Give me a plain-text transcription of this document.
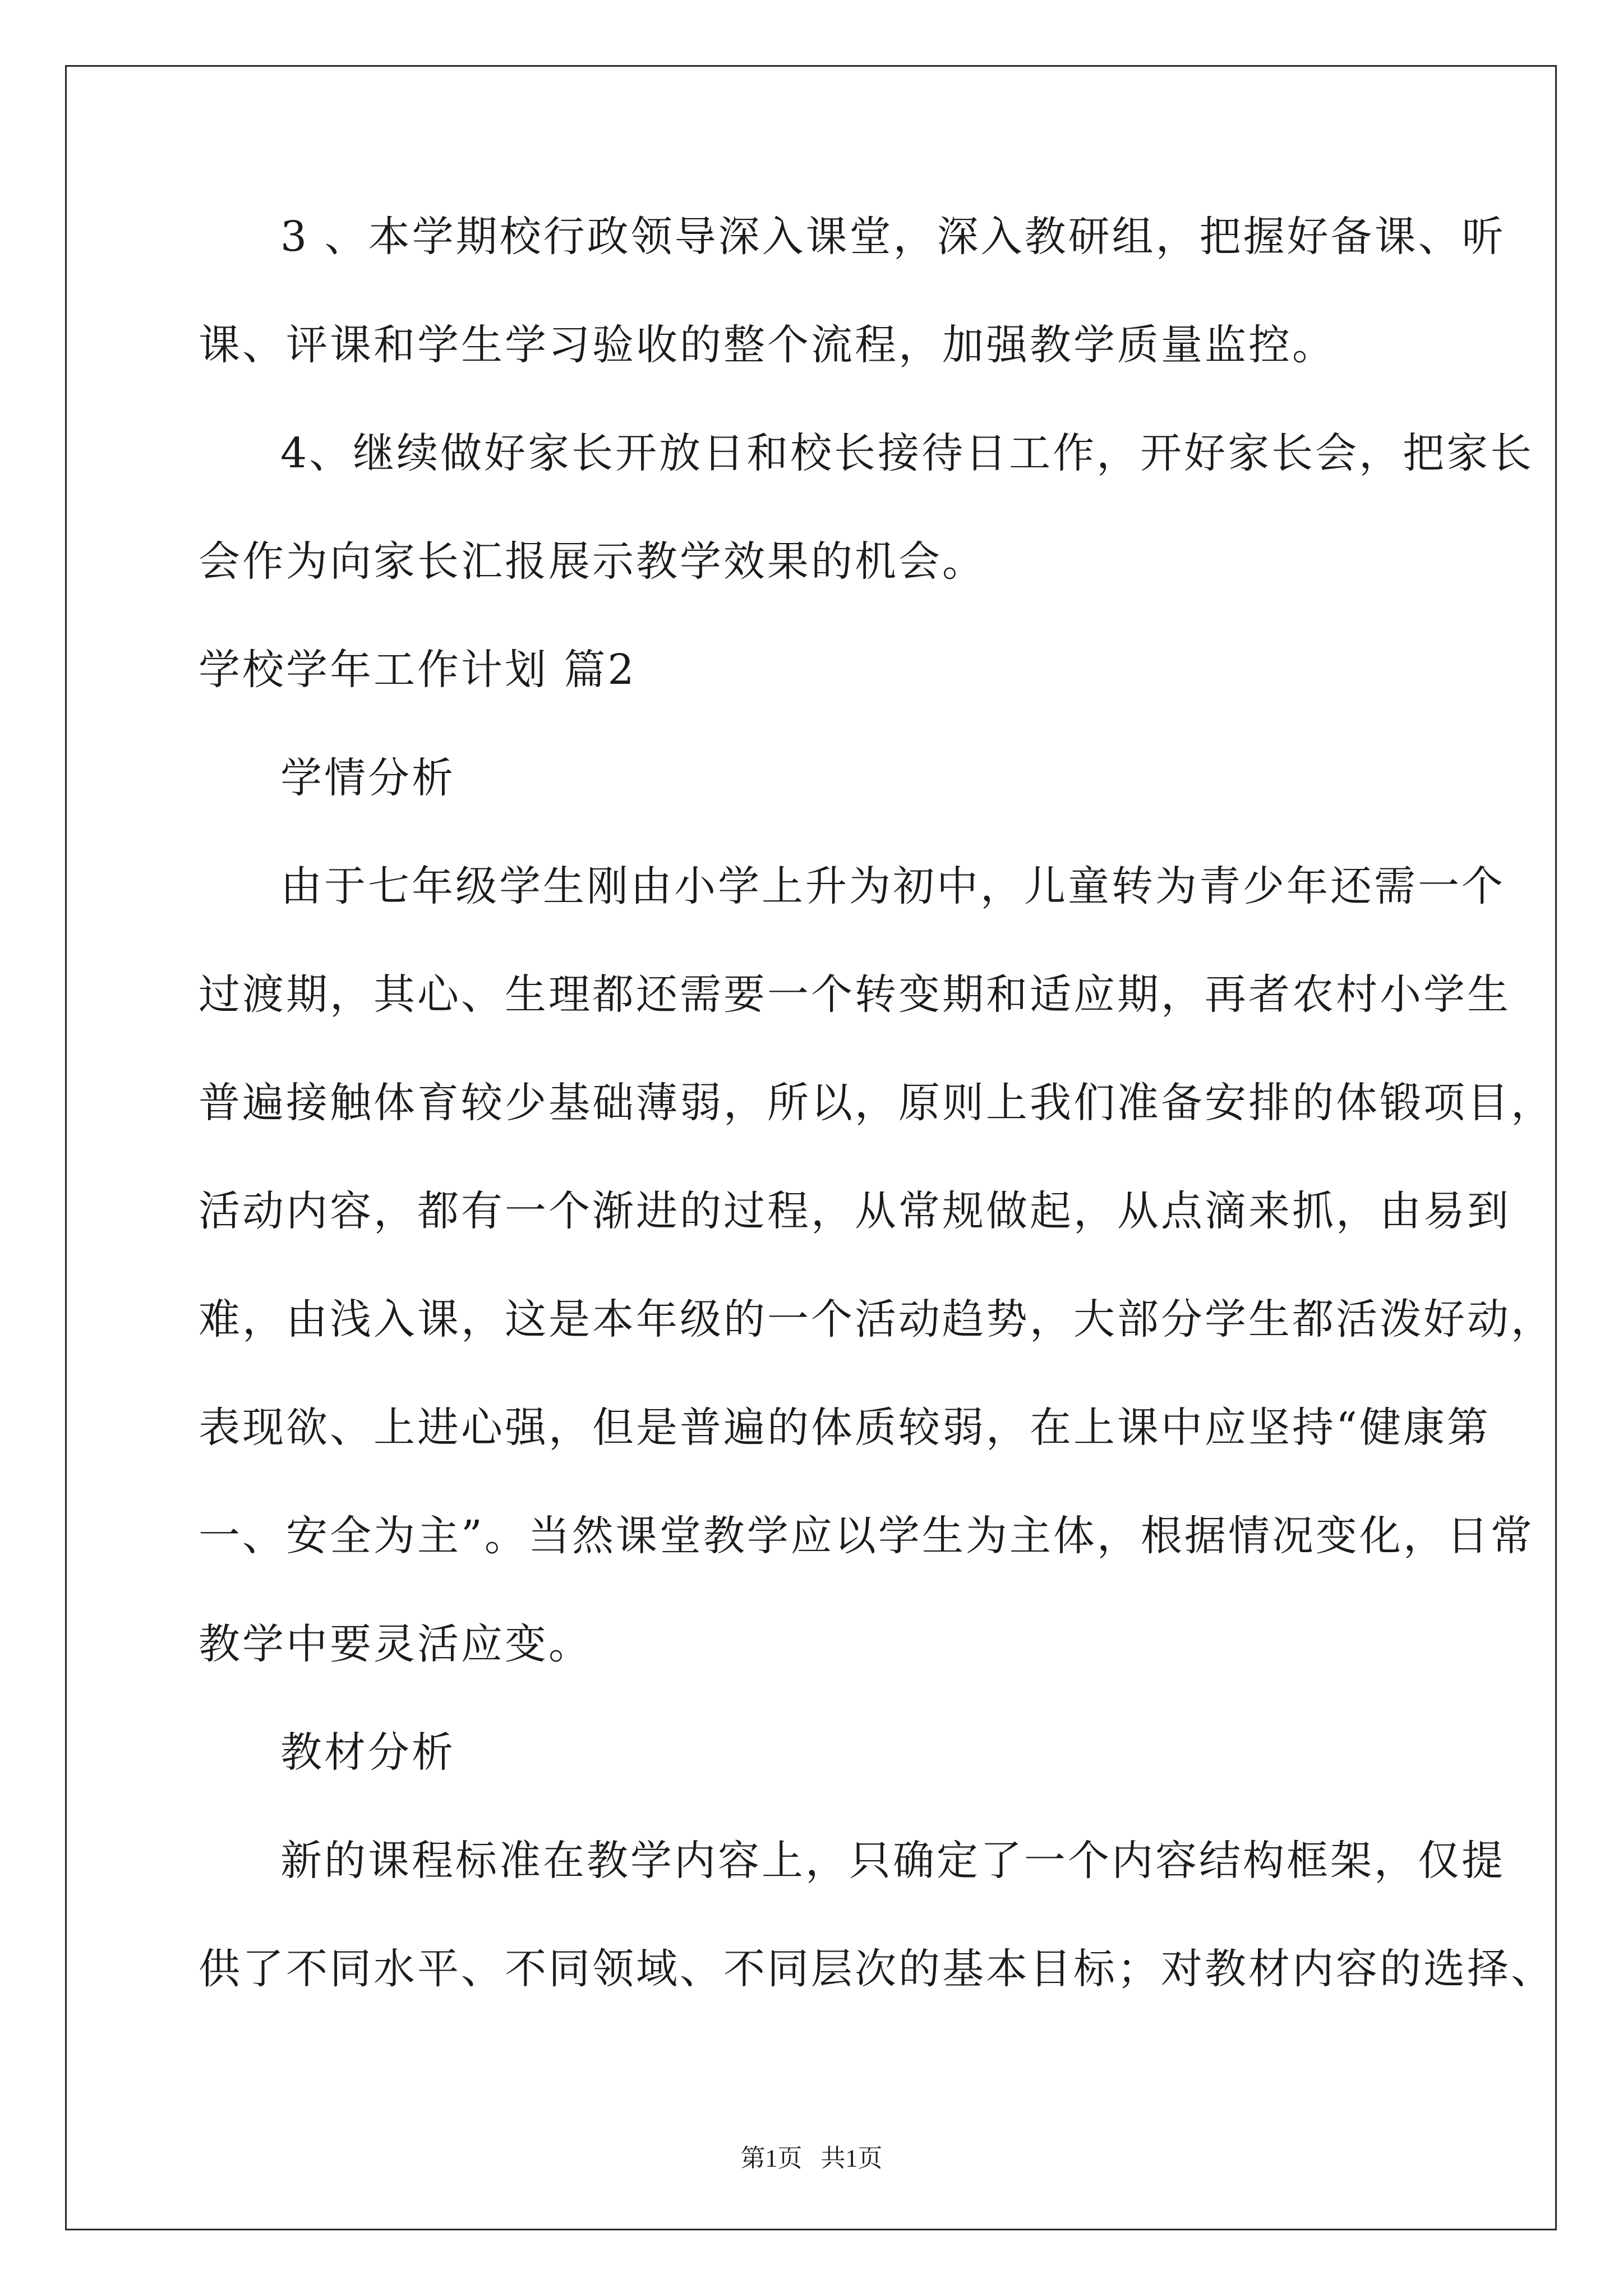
3 、本学期校行政领导深入课堂，深入教研组，把握好备课、听
课、评课和学生学习验收的整个流程，加强教学质量监控。
4、继续做好家长开放日和校长接待日工作，开好家长会，把家长
会作为向家长汇报展示教学效果的机会。
学校学年工作计划 篇2
学情分析
由于七年级学生刚由小学上升为初中，儿童转为青少年还需一个
过渡期，其心、生理都还需要一个转变期和适应期，再者农村小学生
普遍接触体育较少基础薄弱，所以，原则上我们准备安排的体锻项目，
活动内容，都有一个渐进的过程，从常规做起，从点滴来抓，由易到
难，由浅入课，这是本年级的一个活动趋势，大部分学生都活泼好动，
表现欲、上进心强，但是普遍的体质较弱，在上课中应坚持“健康第
一、安全为主”。当然课堂教学应以学生为主体，根据情况变化，日常
教学中要灵活应变。
教材分析
新的课程标准在教学内容上，只确定了一个内容结构框架，仅提
供了不同水平、不同领域、不同层次的基本目标；对教材内容的选择、
第1页   共1页
